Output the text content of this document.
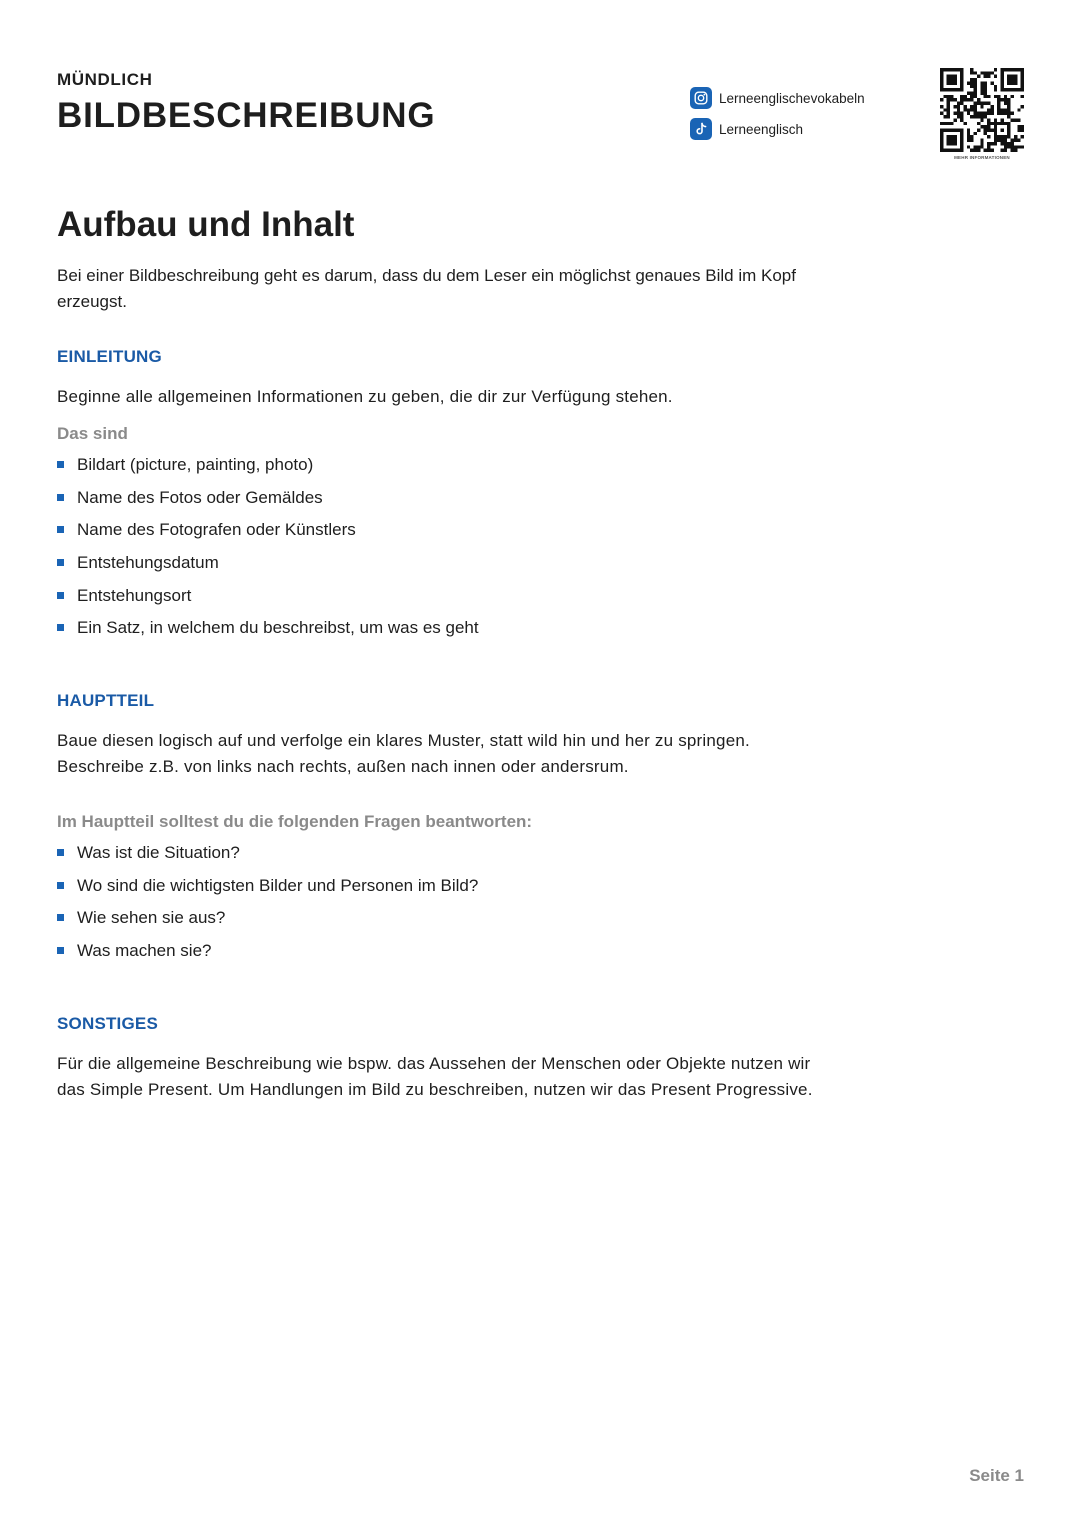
MÜNDLICH
BILDBESCHREIBUNG	Lerneenglischevokabeln
Lerneenglisch
MEHR INFORMATIONEN
Aufbau und Inhalt
Bei einer Bildbeschreibung geht es darum, dass du dem Leser ein möglichst genaues Bild im Kopf erzeugst.
EINLEITUNG
Beginne alle allgemeinen Informationen zu geben, die dir zur Verfügung stehen.
Das sind
Bildart (picture, painting, photo)
Name des Fotos oder Gemäldes
Name des Fotografen oder Künstlers
Entstehungsdatum
Entstehungsort
Ein Satz, in welchem du beschreibst, um was es geht
HAUPTTEIL
Baue diesen logisch auf und verfolge ein klares Muster, statt wild hin und her zu springen. Beschreibe z.B. von links nach rechts, außen nach innen oder andersrum.
Im Hauptteil solltest du die folgenden Fragen beantworten:
Was ist die Situation?
Wo sind die wichtigsten Bilder und Personen im Bild?
Wie sehen sie aus?
Was machen sie?
SONSTIGES
Für die allgemeine Beschreibung wie bspw. das Aussehen der Menschen oder Objekte nutzen wir das Simple Present. Um Handlungen im Bild zu beschreiben, nutzen wir das Present Progressive.
Seite 1
